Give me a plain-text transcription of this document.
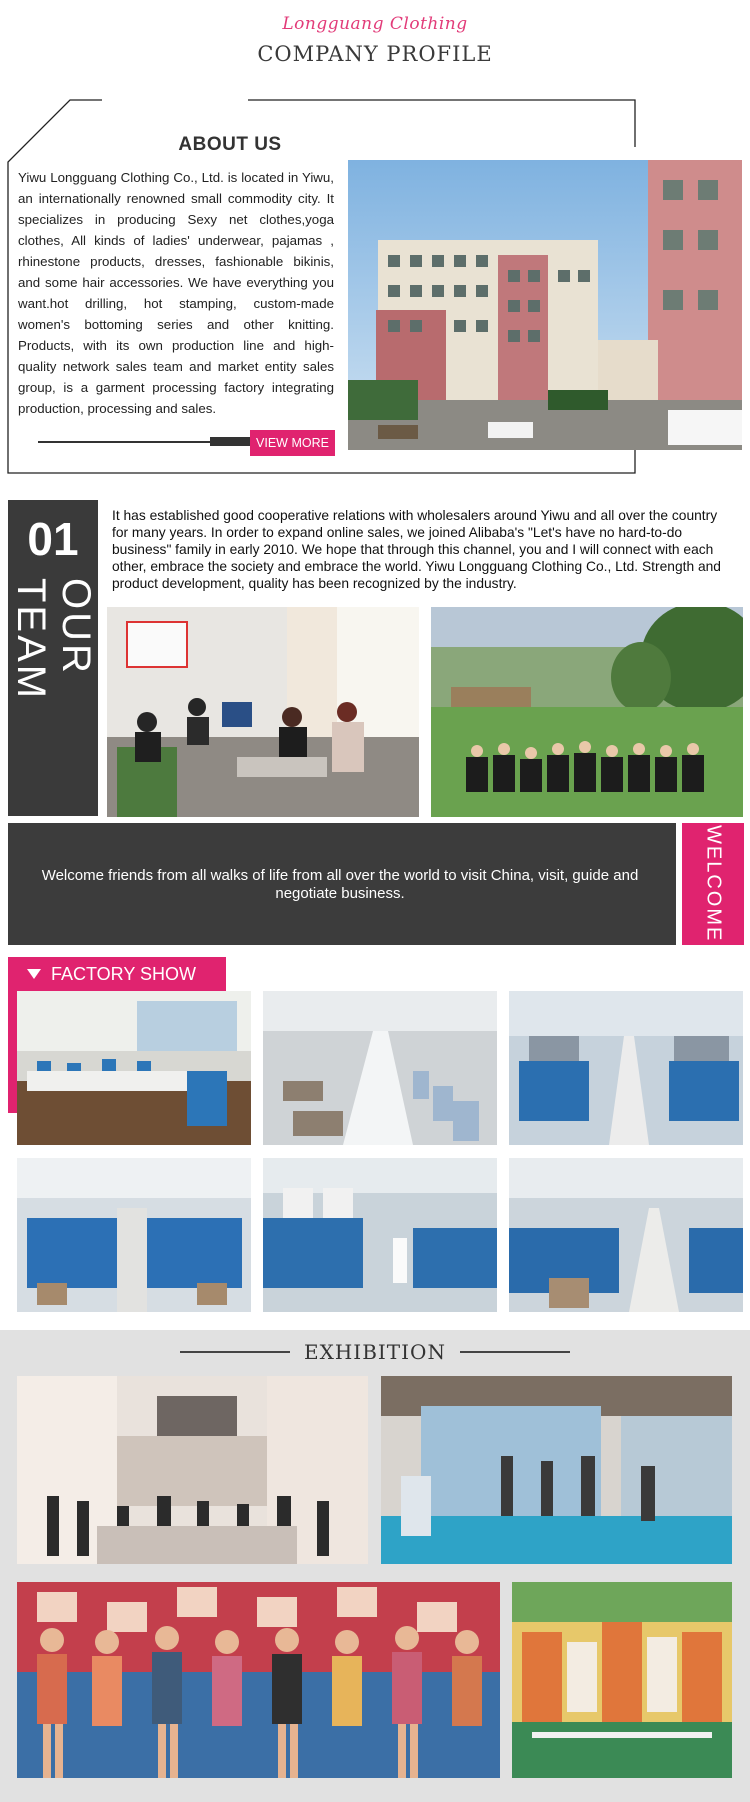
Longguang Clothing
COMPANY PROFILE
ABOUT US
Yiwu Longguang Clothing Co., Ltd. is located in Yiwu, an internationally renowned small commodity city. It specializes in producing Sexy net clothes,yoga clothes, All kinds of ladies' underwear, pajamas , rhinestone products, dresses, fashionable bikinis, and some hair accessories. We have everything you want.hot drilling, hot stamping, custom-made women's bottoming series and other knitting. Products, with its own production line and high-quality network sales team and market entity sales group, is a garment processing factory integrating production, processing and sales.
VIEW MORE
01
OUR TEAM
It has established good cooperative relations with wholesalers around Yiwu and all over the country for many years. In order to expand online sales, we joined Alibaba's "Let's have no hard-to-do business" family in early 2010. We hope that through this channel, you and I will connect with each other, embrace the society and embrace the world. Yiwu Longguang Clothing Co., Ltd. Strength and product development, quality has been recognized by the industry.
Welcome friends from all walks of life from all over the world to visit China, visit, guide and negotiate business.	WELCOME
FACTORY SHOW
EXHIBITION
